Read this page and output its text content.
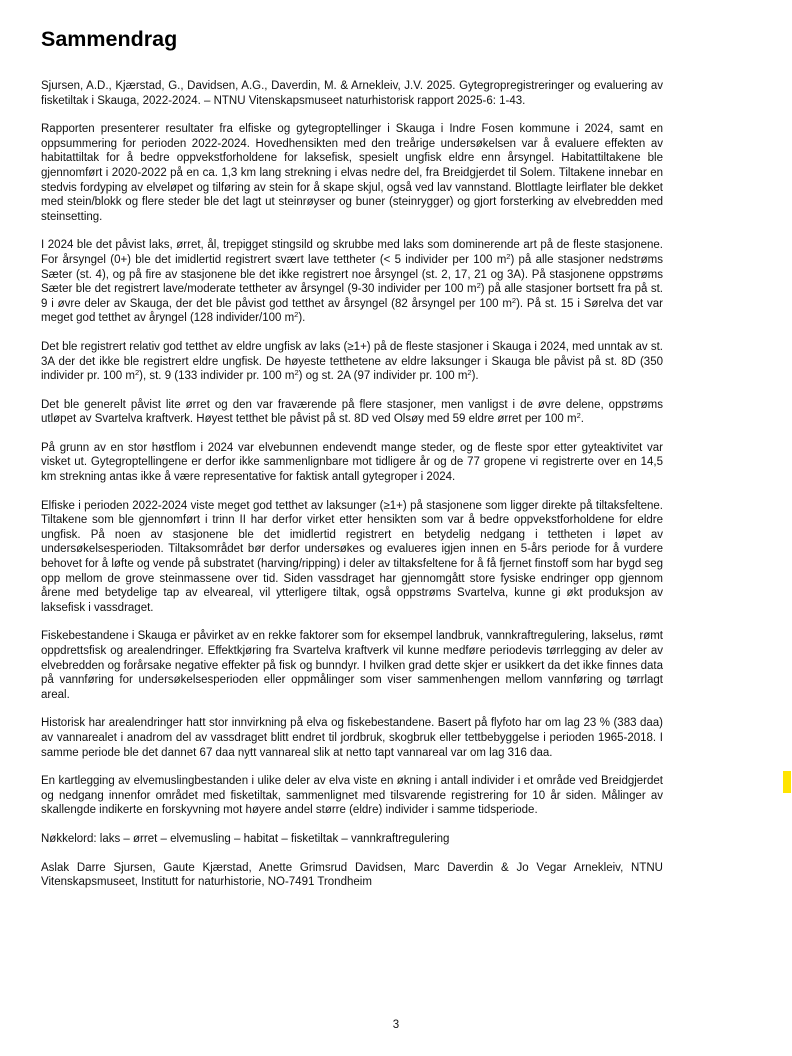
Sammendrag

Sjursen, A.D., Kjærstad, G., Davidsen, A.G., Daverdin, M. & Arnekleiv, J.V. 2025. Gytegropregistreringer og evaluering av fisketiltak i Skauga, 2022-2024. – NTNU Vitenskapsmuseet naturhistorisk rapport 2025-6: 1-43.

Rapporten presenterer resultater fra elfiske og gytegroptellinger i Skauga i Indre Fosen kommune i 2024, samt en oppsummering for perioden 2022-2024. Hovedhensikten med den treårige undersøkelsen var å evaluere effekten av habitattiltak for å bedre oppvekstforholdene for laksefisk, spesielt ungfisk eldre enn årsyngel. Habitattiltakene ble gjennomført i 2020-2022 på en ca. 1,3 km lang strekning i elvas nedre del, fra Breidgjerdet til Solem. Tiltakene innebar en stedvis fordyping av elveløpet og tilføring av stein for å skape skjul, også ved lav vannstand. Blottlagte leirflater ble dekket med stein/blokk og flere steder ble det lagt ut steinrøyser og buner (steinrygger) og gjort forsterking av elvebredden med steinsetting.

I 2024 ble det påvist laks, ørret, ål, trepigget stingsild og skrubbe med laks som dominerende art på de fleste stasjonene. For årsyngel (0+) ble det imidlertid registrert svært lave tettheter (< 5 individer per 100 $m^2$) på alle stasjoner nedstrøms Sæter (st. 4), og på fire av stasjonene ble det ikke registrert noe årsyngel (st. 2, 17, 21 og 3A). På stasjonene oppstrøms Sæter ble det registrert lave/moderate tettheter av årsyngel (9-30 individer per 100 $m^2$) på alle stasjoner bortsett fra på st. 9 i øvre deler av Skauga, der det ble påvist god tetthet av årsyngel (82 årsyngel per 100 $m^2$). På st. 15 i Sørelva det var meget god tetthet av åryngel (128 individer/100 $m^2$).

Det ble registrert relativ god tetthet av eldre ungfisk av laks (≥1+) på de fleste stasjoner i Skauga i 2024, med unntak av st. 3A der det ikke ble registrert eldre ungfisk. De høyeste tetthetene av eldre laksunger i Skauga ble påvist på st. 8D (350 individer pr. 100 $m^2$), st. 9 (133 individer pr. 100 $m^2$) og st. 2A (97 individer pr. 100 $m^2$).

Det ble generelt påvist lite ørret og den var fraværende på flere stasjoner, men vanligst i de øvre delene, oppstrøms utløpet av Svartelva kraftverk. Høyest tetthet ble påvist på st. 8D ved Olsøy med 59 eldre ørret per 100 $m^2$.

På grunn av en stor høstflom i 2024 var elvebunnen endevendt mange steder, og de fleste spor etter gyteaktivitet var visket ut. Gytegroptellingene er derfor ikke sammenlignbare mot tidligere år og de 77 gropene vi registrerte over en 14,5 km strekning antas ikke å være representative for faktisk antall gytegroper i 2024.

Elfiske i perioden 2022-2024 viste meget god tetthet av laksunger (≥1+) på stasjonene som ligger direkte på tiltaksfeltene. Tiltakene som ble gjennomført i trinn II har derfor virket etter hensikten som var å bedre oppvekstforholdene for eldre ungfisk. På noen av stasjonene ble det imidlertid registrert en betydelig nedgang i tettheten i løpet av undersøkelsesperioden. Tiltaksområdet bør derfor undersøkes og evalueres igjen innen en 5-års periode for å vurdere behovet for å løfte og vende på substratet (harving/ripping) i deler av tiltaksfeltene for å få fjernet finstoff som har bygd seg opp mellom de grove steinmassene over tid. Siden vassdraget har gjennomgått store fysiske endringer opp gjennom årene med betydelige tap av elveareal, vil ytterligere tiltak, også oppstrøms Svartelva, kunne gi økt produksjon av laksefisk i vassdraget.

Fiskebestandene i Skauga er påvirket av en rekke faktorer som for eksempel landbruk, vannkraftregulering, lakselus, rømt oppdrettsfisk og arealendringer. Effektkjøring fra Svartelva kraftverk vil kunne medføre periodevis tørrlegging av deler av elvebredden og forårsake negative effekter på fisk og bunndyr. I hvilken grad dette skjer er usikkert da det ikke finnes data på vannføring for undersøkelsesperioden eller oppmålinger som viser sammenhengen mellom vannføring og tørrlagt areal.

Historisk har arealendringer hatt stor innvirkning på elva og fiskebestandene. Basert på flyfoto har om lag 23 % (383 daa) av vannarealet i anadrom del av vassdraget blitt endret til jordbruk, skogbruk eller tettbebyggelse i perioden 1965-2018. I samme periode ble det dannet 67 daa nytt vannareal slik at netto tapt vannareal var om lag 316 daa.

En kartlegging av elvemuslingbestanden i ulike deler av elva viste en økning i antall individer i et område ved Breidgjerdet og nedgang innenfor området med fisketiltak, sammenlignet med tilsvarende registrering for 10 år siden. Målinger av skallengde indikerte en forskyvning mot høyere andel større (eldre) individer i samme tidsperiode.

Nøkkelord: laks – ørret – elvemusling – habitat – fisketiltak – vannkraftregulering

Aslak Darre Sjursen, Gaute Kjærstad, Anette Grimsrud Davidsen, Marc Daverdin & Jo Vegar Arnekleiv, NTNU Vitenskapsmuseet, Institutt for naturhistorie, NO-7491 Trondheim

3
